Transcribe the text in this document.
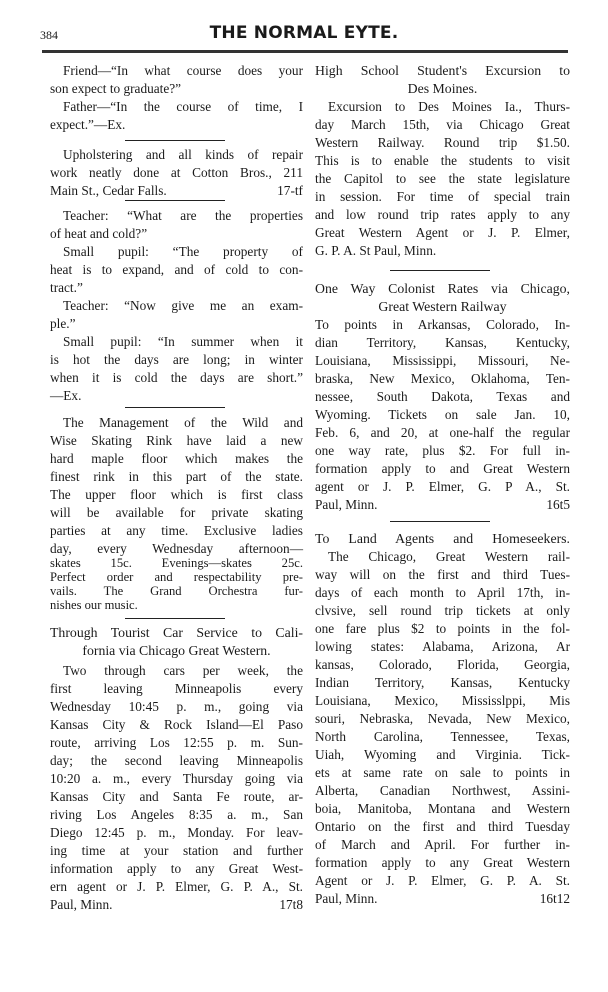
384	THE NORMAL EYTE.
Friend—“In what course does your
son expect to graduate?”
Father—“In the course of time, I
expect.”—Ex.
Upholstering and all kinds of repair
work neatly done at Cotton Bros., 211
Main St., Cedar Falls.	17-tf
Teacher: “What are the properties
of heat and cold?”
Small pupil: “The property of
heat is to expand, and of cold to con-
tract.”
Teacher: “Now give me an exam-
ple.”
Small pupil: “In summer when it
is hot the days are long; in winter
when it is cold the days are short.”
—Ex.
The Management of the Wild and
Wise Skating Rink have laid a new
hard maple floor which makes the
finest rink in this part of the state.
The upper floor which is first class
will be available for private skating
parties at any time. Exclusive ladies
day, every Wednesday afternoon—
skates 15c. Evenings—skates 25c.
Perfect order and respectability pre-
vails. The Grand Orchestra fur-
nishes our music.
Through Tourist Car Service to Cali-
fornia via Chicago Great Western.
Two through cars per week, the
first leaving Minneapolis every
Wednesday 10:45 p. m., going via
Kansas City & Rock Island—El Paso
route, arriving Los 12:55 p. m. Sun-
day; the second leaving Minneapolis
10:20 a. m., every Thursday going via
Kansas City and Santa Fe route, ar-
riving Los Angeles 8:35 a. m., San
Diego 12:45 p. m., Monday. For leav-
ing time at your station and further
information apply to any Great West-
ern agent or J. P. Elmer, G. P. A., St.
Paul, Minn.	17t8
High School Student's Excursion to
Des Moines.
Excursion to Des Moines Ia., Thurs-
day March 15th, via Chicago Great
Western Railway. Round trip $1.50.
This is to enable the students to visit
the Capitol to see the state legislature
in session. For time of special train
and low round trip rates apply to any
Great Western Agent or J. P. Elmer,
G. P. A. St Paul, Minn.
One Way Colonist Rates via Chicago,
Great Western Railway
To points in Arkansas, Colorado, In-
dian Territory, Kansas, Kentucky,
Louisiana, Mississippi, Missouri, Ne-
braska, New Mexico, Oklahoma, Ten-
nessee, South Dakota, Texas and
Wyoming. Tickets on sale Jan. 10,
Feb. 6, and 20, at one-half the regular
one way rate, plus $2. For full in-
formation apply to and Great Western
agent or J. P. Elmer, G. P A., St.
Paul, Minn.	16t5
To Land Agents and Homeseekers.
The Chicago, Great Western rail-
way will on the first and third Tues-
days of each month to April 17th, in-
clvsive, sell round trip tickets at only
one fare plus $2 to points in the fol-
lowing states: Alabama, Arizona, Ar
kansas, Colorado, Florida, Georgia,
Indian Territory, Kansas, Kentucky
Louisiana, Mexico, Mississlppi, Mis
souri, Nebraska, Nevada, New Mexico,
North Carolina, Tennessee, Texas,
Uiah, Wyoming and Virginia. Tick-
ets at same rate on sale to points in
Alberta, Canadian Northwest, Assini-
boia, Manitoba, Montana and Western
Ontario on the first and third Tuesday
of March and April. For further in-
formation apply to any Great Western
Agent or J. P. Elmer, G. P. A. St.
Paul, Minn.	16t12
